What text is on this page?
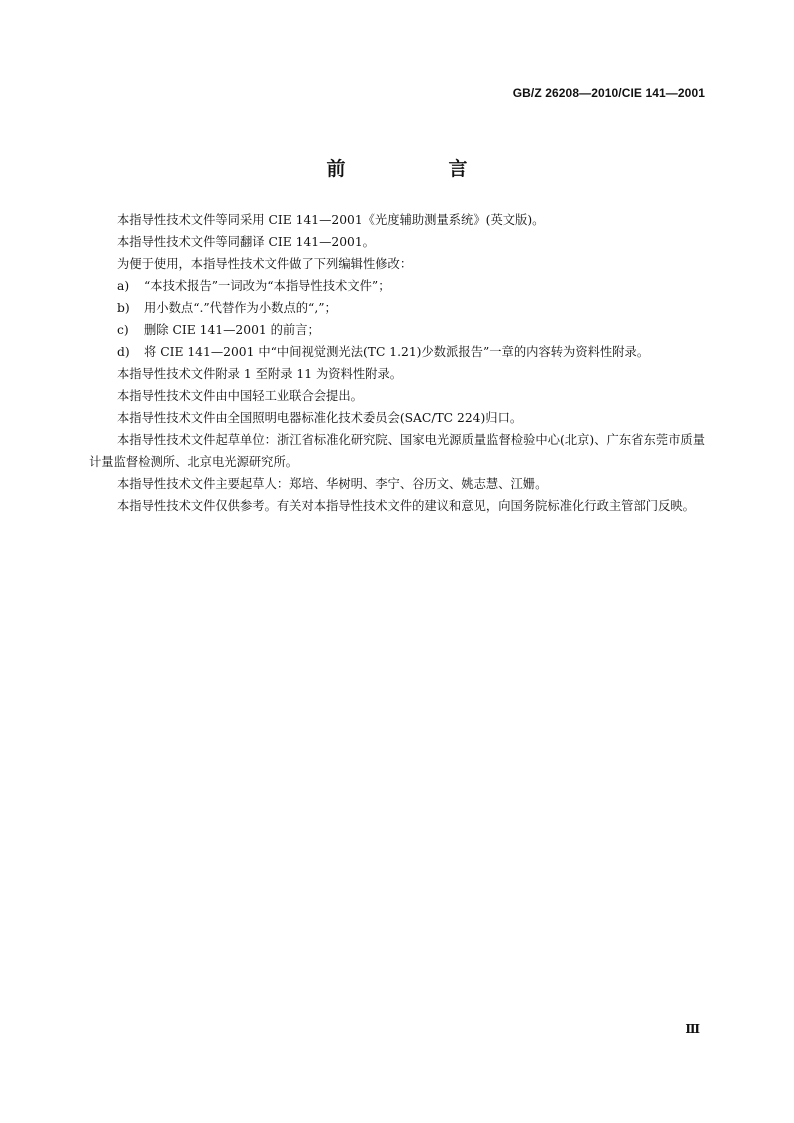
GB/Z 26208—2010/CIE 141—2001
前　言

本指导性技术文件等同采用 CIE 141—2001《光度辅助测量系统》(英文版)。

本指导性技术文件等同翻译 CIE 141—2001。

为便于使用，本指导性技术文件做了下列编辑性修改：

a)	“本技术报告”一词改为“本指导性技术文件”；
b)	用小数点“.”代替作为小数点的“,”；
c)	删除 CIE 141—2001 的前言；
d)	将 CIE 141—2001 中“中间视觉测光法(TC 1.21)少数派报告”一章的内容转为资料性附录。

本指导性技术文件附录 1 至附录 11 为资料性附录。

本指导性技术文件由中国轻工业联合会提出。

本指导性技术文件由全国照明电器标准化技术委员会(SAC/TC 224)归口。

本指导性技术文件起草单位：浙江省标准化研究院、国家电光源质量监督检验中心(北京)、广东省东莞市质量计量监督检测所、北京电光源研究所。

本指导性技术文件主要起草人：郑培、华树明、李宁、谷历文、姚志慧、江姗。

本指导性技术文件仅供参考。有关对本指导性技术文件的建议和意见，向国务院标准化行政主管部门反映。

Ⅲ
